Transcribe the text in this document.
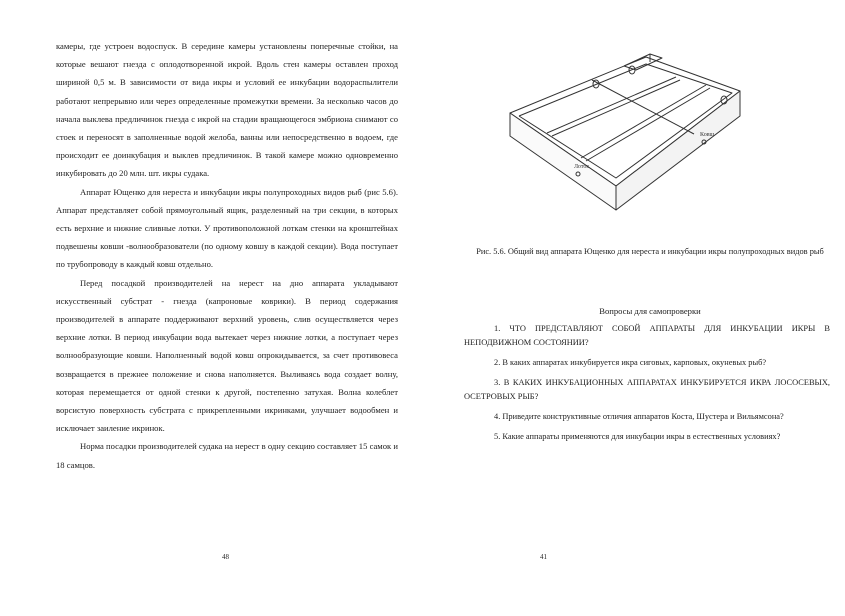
камеры, где устроен водоспуск. В середине камеры установлены поперечные стойки, на которые вешают гнезда с оплодотворенной икрой. Вдоль стен камеры оставлен проход шириной 0,5 м. В зависимости от вида икры и условий ее инкубации водораспылители работают непрерывно или через определенные промежутки времени. За несколько часов до начала выклева предличинок гнезда с икрой на стадии вращающегося эмбриона снимают со стоек и переносят в заполненные водой желоба, ванны или непосредственно в водоем, где происходит ее доинкубация и выклев предличинок. В такой камере можно одновременно инкубировать до 20 млн. шт. икры судака.

Аппарат Ющенко для нереста и инкубации икры полупроходных видов рыб (рис 5.6). Аппарат представляет собой прямоугольный ящик, разделенный на три секции, в которых есть верхние и нижние сливные лотки. У противоположной лоткам стенки на кронштейнах подвешены ковши -волнообразователи (по одному ковшу в каждой секции). Вода поступает по трубопроводу в каждый ковш отдельно.

Перед посадкой производителей на нерест на дно аппарата укладывают искусственный субстрат - гнезда (капроновые коврики). В период содержания производителей в аппарате поддерживают верхний уровень, слив осуществляется через верхние лотки. В период инкубации вода вытекает через нижние лотки, а поступает через волнообразующие ковши. Наполненный водой ковш опрокидывается, за счет противовеса возвращается в прежнее положение и снова наполняется. Выливаясь вода создает волну, которая перемещается от одной стенки к другой, постепенно затухая. Волна колеблет ворсистую поверхность субстрата с прикрепленными икринками, улучшает водообмен и исключает заиление икринок.

Норма посадки производителей судака на нерест в одну секцию составляет 15 самок и 18 самцов.

48
Лоток
Ковш
Рис. 5.6. Общий вид аппарата Ющенко для нереста и инкубации икры полупроходных видов рыб
Вопросы для самопроверки

1. ЧТО ПРЕДСТАВЛЯЮТ СОБОЙ АППАРАТЫ ДЛЯ ИНКУБАЦИИ ИКРЫ В НЕПОДВИЖНОМ СОСТОЯНИИ?

2. В каких аппаратах инкубируется икра сиговых, карповых, окуневых рыб?

3. В КАКИХ ИНКУБАЦИОННЫХ АППАРАТАХ ИНКУБИРУЕТСЯ ИКРА ЛОСОСЕВЫХ, ОСЕТРОВЫХ РЫБ?

4. Приведите конструктивные отличия аппаратов Коста, Шустера и Вильямсона?

5. Какие аппараты применяются для инкубации икры в естественных условиях?

41
